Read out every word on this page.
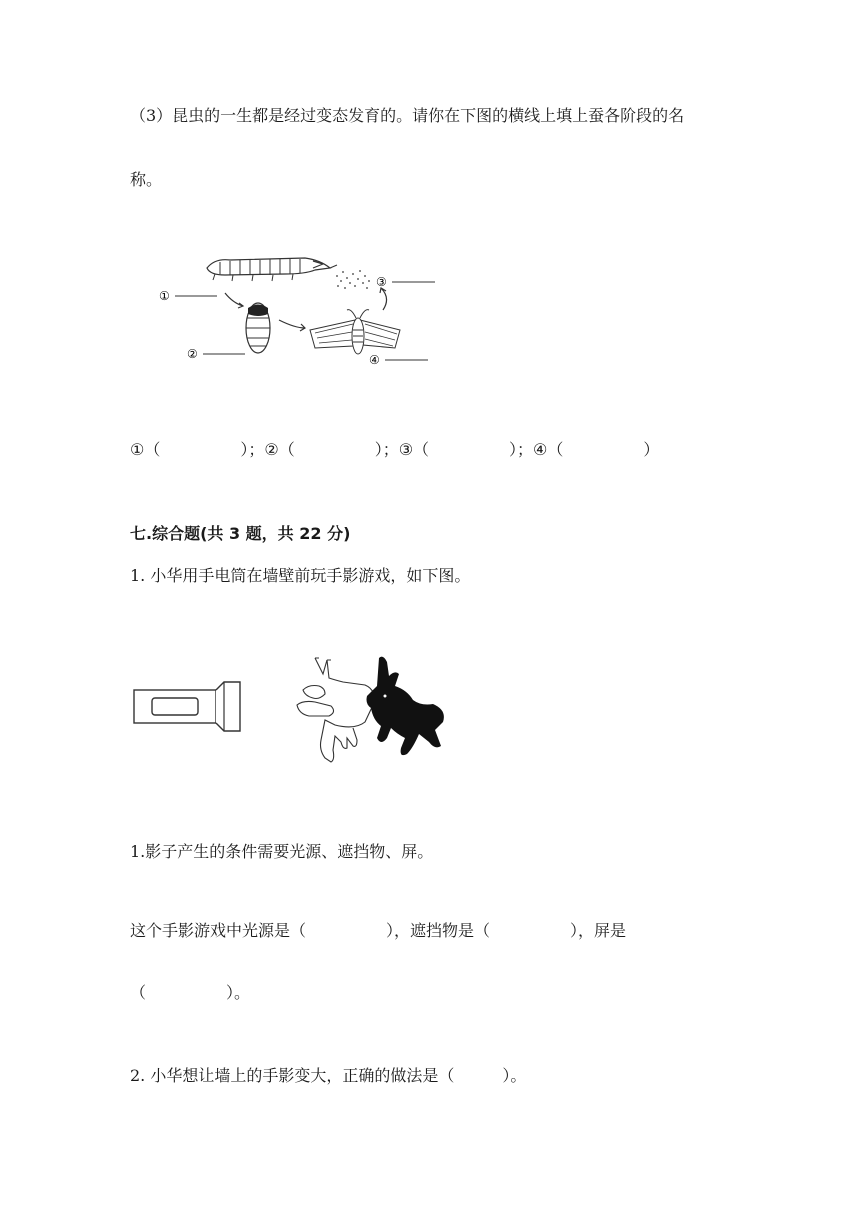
（3）昆虫的一生都是经过变态发育的。请你在下图的横线上填上蚕各阶段的名
称。
①
②
③
④
①（　　　　　）；②（　　　　　）；③（　　　　　）；④（　　　　　）
七.综合题(共 3 题，共 22 分)
1. 小华用手电筒在墙壁前玩手影游戏，如下图。
1.影子产生的条件需要光源、遮挡物、屏。
这个手影游戏中光源是（　　　　　），遮挡物是（　　　　　），屏是
（　　　　　）。
2. 小华想让墙上的手影变大，正确的做法是（　　　）。
